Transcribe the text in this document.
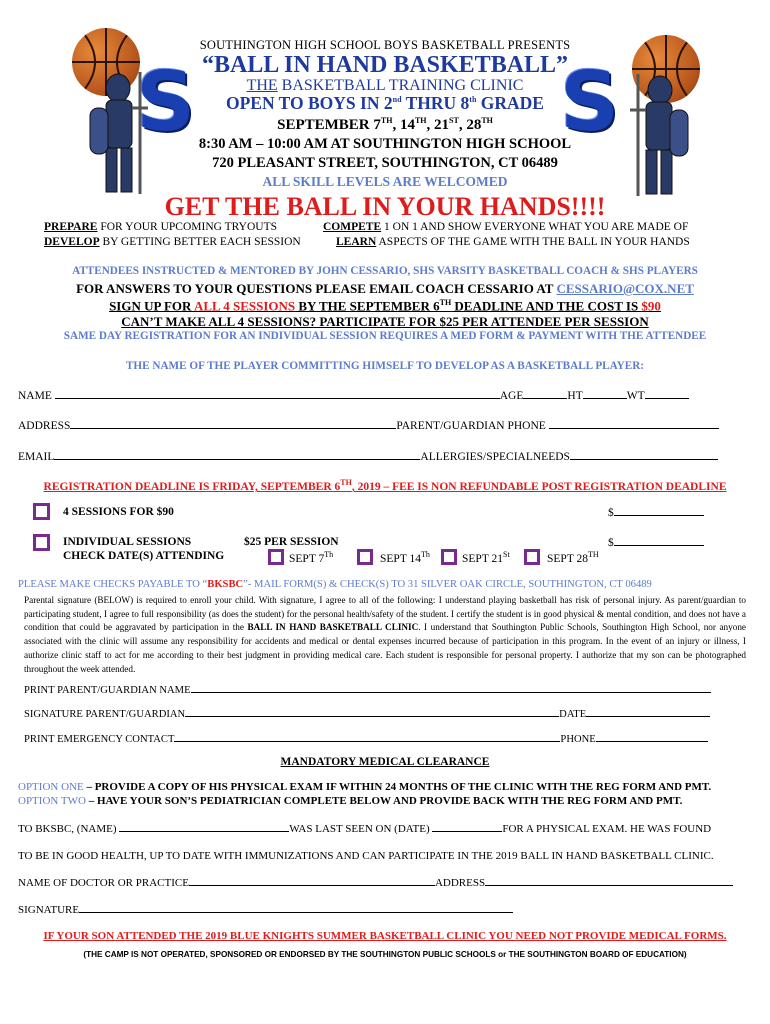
S	S
SOUTHINGTON HIGH SCHOOL BOYS BASKETBALL PRESENTS
“BALL IN HAND BASKETBALL”
THE BASKETBALL TRAINING CLINIC
OPEN TO BOYS IN 2nd THRU 8th GRADE
SEPTEMBER 7TH, 14TH, 21ST, 28TH
8:30 AM – 10:00 AM AT SOUTHINGTON HIGH SCHOOL
720 PLEASANT STREET, SOUTHINGTON, CT 06489
ALL SKILL LEVELS ARE WELCOMED
GET THE BALL IN YOUR HANDS!!!!
PREPARE FOR YOUR UPCOMING TRYOUTS	COMPETE 1 ON 1 AND SHOW EVERYONE WHAT YOU ARE MADE OF
DEVELOP BY GETTING BETTER EACH SESSION	LEARN ASPECTS OF THE GAME WITH THE BALL IN YOUR HANDS
ATTENDEES INSTRUCTED & MENTORED BY JOHN CESSARIO, SHS VARSITY BASKETBALL COACH & SHS PLAYERS
FOR ANSWERS TO YOUR QUESTIONS PLEASE EMAIL COACH CESSARIO AT CESSARIO@COX.NET
SIGN UP FOR ALL 4 SESSIONS BY THE SEPTEMBER 6TH DEADLINE AND THE COST IS $90
CAN’T MAKE ALL 4 SESSIONS? PARTICIPATE FOR $25 PER ATTENDEE PER SESSION
SAME DAY REGISTRATION FOR AN INDIVIDUAL SESSION REQUIRES A MED FORM & PAYMENT WITH THE ATTENDEE
THE NAME OF THE PLAYER COMMITTING HIMSELF TO DEVELOP AS A BASKETBALL PLAYER:
NAME	AGE	HT	WT
ADDRESS	PARENT/GUARDIAN PHONE
EMAIL	ALLERGIES/SPECIALNEEDS
REGISTRATION DEADLINE IS FRIDAY, SEPTEMBER 6TH, 2019 – FEE IS NON REFUNDABLE POST REGISTRATION DEADLINE
4 SESSIONS FOR $90	$
INDIVIDUAL SESSIONS
CHECK DATE(S) ATTENDING
$25 PER SESSION	$
SEPT 7Th	SEPT 14Th	SEPT 21St	SEPT 28TH
PLEASE MAKE CHECKS PAYABLE TO “BKSBC”- MAIL FORM(S) & CHECK(S) TO 31 SILVER OAK CIRCLE, SOUTHINGTON, CT 06489
Parental signature (BELOW) is required to enroll your child. With signature, I agree to all of the following: I understand playing basketball has risk of personal injury. As parent/guardian to participating student, I agree to full responsibility (as does the student) for the personal health/safety of the student. I certify the student is in good physical & mental condition, and does not have a condition that could be aggravated by participation in the BALL IN HAND BASKETBALL CLINIC. I understand that Southington Public Schools, Southington High School, nor anyone associated with the clinic will assume any responsibility for accidents and medical or dental expenses incurred because of participation in this program. In the event of an injury or illness, I authorize clinic staff to act for me according to their best judgment in providing medical care. Each student is responsible for personal property. I authorize that my son can be photographed throughout the week attended.
PRINT PARENT/GUARDIAN NAME
SIGNATURE PARENT/GUARDIAN	DATE
PRINT EMERGENCY CONTACT	PHONE
MANDATORY MEDICAL CLEARANCE
OPTION ONE – PROVIDE A COPY OF HIS PHYSICAL EXAM IF WITHIN 24 MONTHS OF THE CLINIC WITH THE REG FORM AND PMT.
OPTION TWO – HAVE YOUR SON’S PEDIATRICIAN COMPLETE BELOW AND PROVIDE BACK WITH THE REG FORM AND PMT.
TO BKSBC, (NAME)	WAS LAST SEEN ON (DATE)	FOR A PHYSICAL EXAM. HE WAS FOUND
TO BE IN GOOD HEALTH, UP TO DATE WITH IMMUNIZATIONS AND CAN PARTICIPATE IN THE 2019 BALL IN HAND BASKETBALL CLINIC.
NAME OF DOCTOR OR PRACTICE	ADDRESS
SIGNATURE
IF YOUR SON ATTENDED THE 2019 BLUE KNIGHTS SUMMER BASKETBALL CLINIC YOU NEED NOT PROVIDE MEDICAL FORMS.
(THE CAMP IS NOT OPERATED, SPONSORED OR ENDORSED BY THE SOUTHINGTON PUBLIC SCHOOLS or THE SOUTHINGTON BOARD OF EDUCATION)
